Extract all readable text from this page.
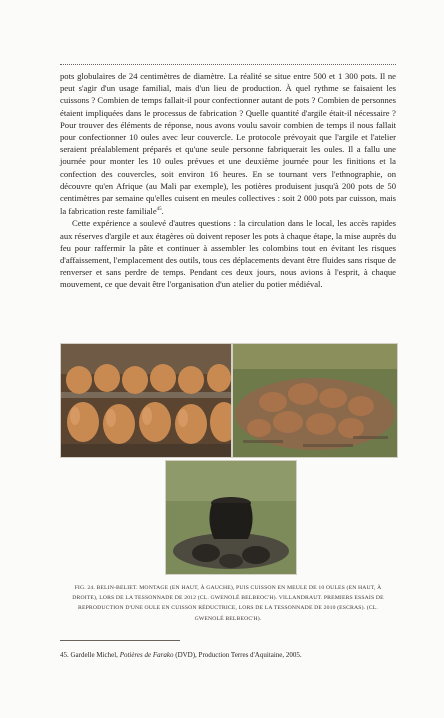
pots globulaires de 24 centimètres de diamètre. La réalité se situe entre 500 et 1 300 pots. Il ne peut s'agir d'un usage familial, mais d'un lieu de production. À quel rythme se faisaient les cuissons ? Combien de temps fallait-il pour confectionner autant de pots ? Combien de personnes étaient impliquées dans le processus de fabrication ? Quelle quantité d'argile était-il nécessaire ? Pour trouver des éléments de réponse, nous avons voulu savoir combien de temps il nous fallait pour confectionner 10 oules avec leur couvercle. Le protocole prévoyait que l'argile et l'atelier seraient préalablement préparés et qu'une seule personne fabriquerait les oules. Il a fallu une journée pour monter les 10 oules prévues et une deuxième journée pour les finitions et la confection des couvercles, soit environ 16 heures. En se tournant vers l'ethnographie, on découvre qu'en Afrique (au Mali par exemple), les potières produisent jusqu'à 200 pots de 50 centimètres par semaine qu'elles cuisent en meules collectives : soit 2 000 pots par cuisson, mais la fabrication reste familiale$^{45}$.

Cette expérience a soulevé d'autres questions : la circulation dans le local, les accès rapides aux réserves d'argile et aux étagères où doivent reposer les pots à chaque étape, la mise auprès du feu pour raffermir la pâte et continuer à assembler les colombins tout en évitant les risques d'affaissement, l'emplacement des outils, tous ces déplacements devant être fluides sans risque de renverser et sans perdre de temps. Pendant ces deux jours, nous avions à l'esprit, à chaque mouvement, ce que devait être l'organisation d'un atelier du potier médiéval.

FIG. 24. BELIN-BELIET. MONTAGE (EN HAUT, À GAUCHE), PUIS CUISSON EN MEULE DE 10 OULES (EN HAUT, À DROITE), LORS DE LA TESSONNADE DE 2012 (CL. GWENOLÉ BELBEOC'H). VILLANDRAUT. PREMIERS ESSAIS DE REPRODUCTION D'UNE OULE EN CUISSON RÉDUCTRICE, LORS DE LA TESSONNADE DE 2010 (ESCRAS). (CL. GWENOLÉ BELBEOC'H).
45. Gardelle Michel, Potières de Farako (DVD), Production Terres d'Aquitaine, 2005.
